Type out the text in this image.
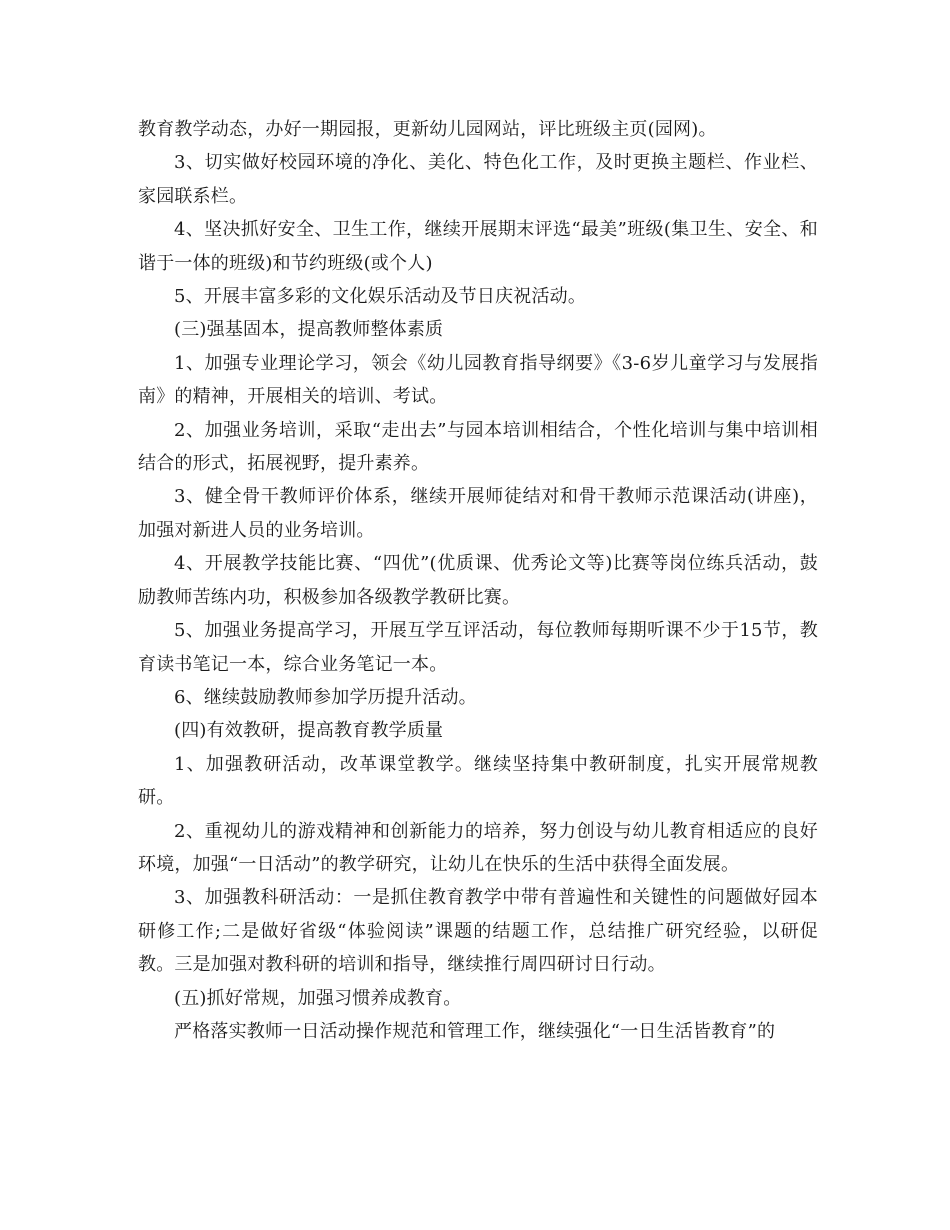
教育教学动态，办好一期园报，更新幼儿园网站，评比班级主页(园网)。

3、切实做好校园环境的净化、美化、特色化工作，及时更换主题栏、作业栏、家园联系栏。

4、坚决抓好安全、卫生工作，继续开展期末评选“最美”班级(集卫生、安全、和谐于一体的班级)和节约班级(或个人)

5、开展丰富多彩的文化娱乐活动及节日庆祝活动。

(三)强基固本，提高教师整体素质

1、加强专业理论学习，领会《幼儿园教育指导纲要》《3-6岁儿童学习与发展指南》的精神，开展相关的培训、考试。

2、加强业务培训，采取“走出去”与园本培训相结合，个性化培训与集中培训相结合的形式，拓展视野，提升素养。

3、健全骨干教师评价体系，继续开展师徒结对和骨干教师示范课活动(讲座)，加强对新进人员的业务培训。

4、开展教学技能比赛、“四优”(优质课、优秀论文等)比赛等岗位练兵活动，鼓励教师苦练内功，积极参加各级教学教研比赛。

5、加强业务提高学习，开展互学互评活动，每位教师每期听课不少于15节，教育读书笔记一本，综合业务笔记一本。

6、继续鼓励教师参加学历提升活动。

(四)有效教研，提高教育教学质量

1、加强教研活动，改革课堂教学。继续坚持集中教研制度，扎实开展常规教研。

2、重视幼儿的游戏精神和创新能力的培养，努力创设与幼儿教育相适应的良好环境，加强“一日活动”的教学研究，让幼儿在快乐的生活中获得全面发展。

3、加强教科研活动：一是抓住教育教学中带有普遍性和关键性的问题做好园本研修工作;二是做好省级“体验阅读”课题的结题工作，总结推广研究经验，以研促教。三是加强对教科研的培训和指导，继续推行周四研讨日行动。

(五)抓好常规，加强习惯养成教育。

严格落实教师一日活动操作规范和管理工作，继续强化“一日生活皆教育”的
